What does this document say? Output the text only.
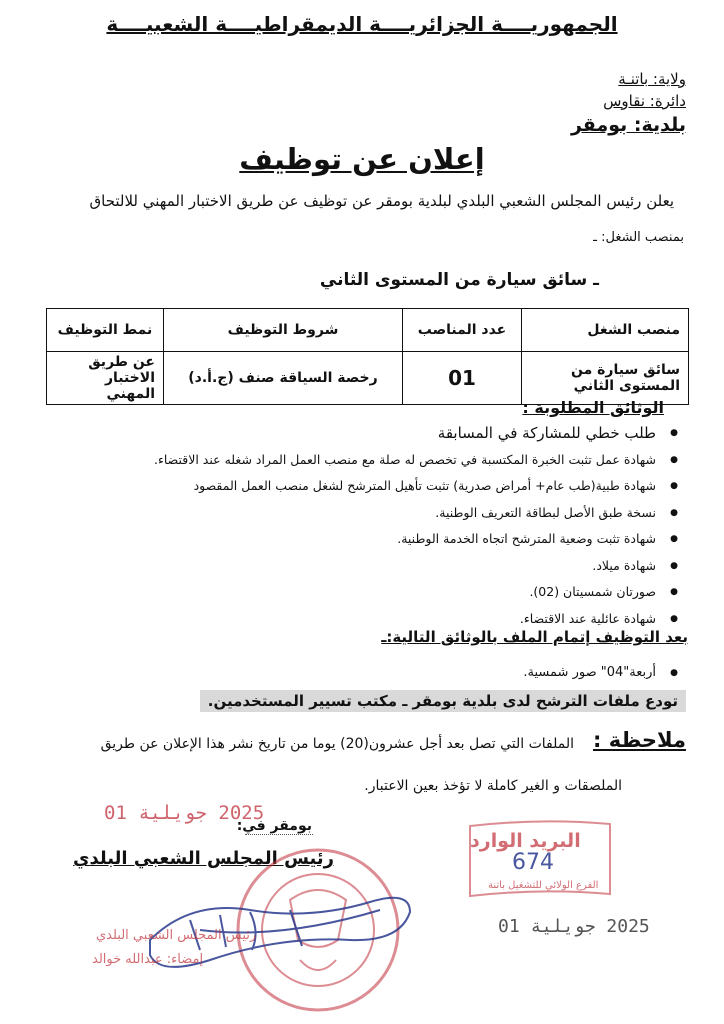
الجمهوريــــة الجزائريــــة الديمقراطيــــة الشعبيــــة
ولاية: باتنـة
دائرة: نقاوس
بلدية: بومقر
إعلان عن توظيف
يعلن رئيس المجلس الشعبي البلدي لبلدية بومقر عن توظيف عن طريق الاختبار المهني للالتحاق
بمنصب الشغل: ـ
ـ سائق سيارة من المستوى الثاني
منصب الشغل	عدد المناصب	شروط التوظيف	نمط التوظيف
سائق سيارة من المستوى الثاني	01	رخصة السياقة صنف (ج.أ.د)	عن طريق الاختبار المهني
الوثائق المطلوبة :
● طلب خطي للمشاركة في المسابقة
● شهادة عمل تثبت الخبرة المكتسبة في تخصص له صلة مع منصب العمل المراد شغله عند الاقتضاء.
● شهادة طبية(طب عام+ أمراض صدرية) تثبت تأهيل المترشح لشغل منصب العمل المقصود
● نسخة طبق الأصل لبطاقة التعريف الوطنية.
● شهادة تثبت وضعية المترشح اتجاه الخدمة الوطنية.
● شهادة ميلاد.
● صورتان شمسيتان (02).
● شهادة عائلية عند الاقتضاء.
بعد التوظيف إتمام الملف بالوثائق التالية:ـ
● أربعة"04" صور شمسية.
تودع ملفات الترشح لدى بلدية بومقر ـ مكتب تسيير المستخدمين.
ملاحظة :
الملفات التي تصل بعد أجل عشرون(20) يوما من تاريخ نشر هذا الإعلان عن طريق
الملصقات و الغير كاملة لا تؤخذ بعين الاعتبار.
2025 جويلية 01
بومقر في:
رئيس المجلس الشعبي البلدي
رئيس المجلس الشعبي البلدي
إمضاء: عبدالله خوالد
البريد الوارد
674
الفرع الولائي للتشغيل باتنة
2025 جويلية 01
